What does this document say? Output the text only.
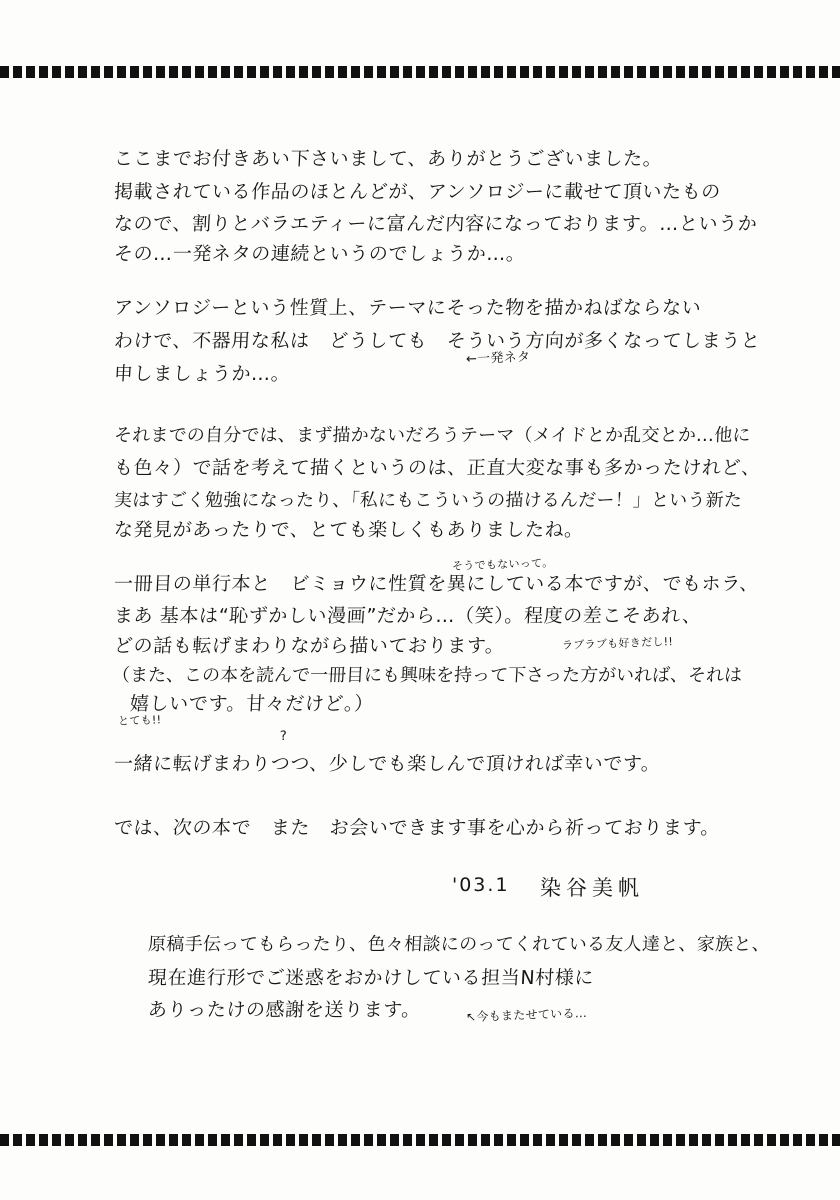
ここまでお付きあい下さいまして、ありがとうございました。
掲載されている作品のほとんどが、アンソロジーに載せて頂いたもの
なので、割りとバラエティーに富んだ内容になっております。…というか
その…一発ネタの連続というのでしょうか…。
アンソロジーという性質上、テーマにそった物を描かねばならない
わけで、不器用な私は　どうしても　そういう方向が多くなってしまうと
←一発ネタ
申しましょうか…。
それまでの自分では、まず描かないだろうテーマ（メイドとか乱交とか…他に
も色々）で話を考えて描くというのは、正直大変な事も多かったけれど、
実はすごく勉強になったり、「私にもこういうの描けるんだー！」という新た
な発見があったりで、とても楽しくもありましたね。
そうでもないって。
一冊目の単行本と　ビミョウに性質を異にしている本ですが、でもホラ、
まあ 基本は“恥ずかしい漫画”だから…（笑）。程度の差こそあれ、
どの話も転げまわりながら描いております。	ラブラブも好きだし!!
（また、この本を読んで一冊目にも興味を持って下さった方がいれば、それは
嬉しいです。甘々だけど。）
とても!!
?
一緒に転げまわりつつ、少しでも楽しんで頂ければ幸いです。
では、次の本で　また　お会いできます事を心から祈っております。
'03.1 染谷美帆
原稿手伝ってもらったり、色々相談にのってくれている友人達と、家族と、
現在進行形でご迷惑をおかけしている担当N村様に
ありったけの感謝を送ります。	↖今もまたせている…
